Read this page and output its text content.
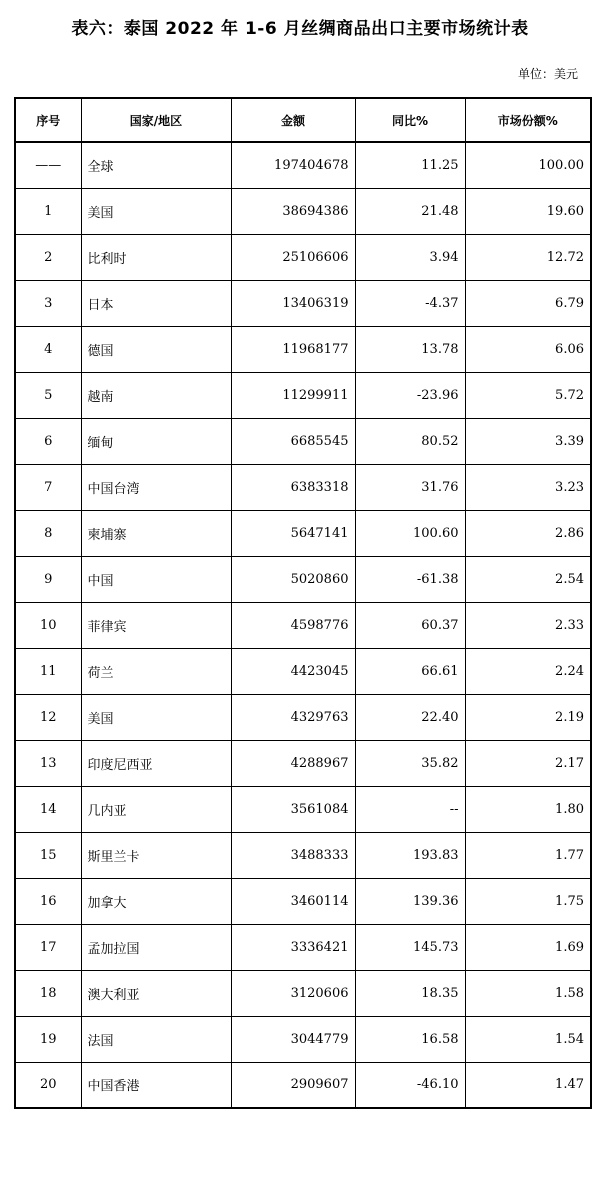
表六：泰国 2022 年 1-6 月丝绸商品出口主要市场统计表
单位：美元
序号	国家/地区	金额	同比%	市场份额%
——	全球	197404678	11.25	100.00
1	美国	38694386	21.48	19.60
2	比利时	25106606	3.94	12.72
3	日本	13406319	-4.37	6.79
4	德国	11968177	13.78	6.06
5	越南	11299911	-23.96	5.72
6	缅甸	6685545	80.52	3.39
7	中国台湾	6383318	31.76	3.23
8	柬埔寨	5647141	100.60	2.86
9	中国	5020860	-61.38	2.54
10	菲律宾	4598776	60.37	2.33
11	荷兰	4423045	66.61	2.24
12	美国	4329763	22.40	2.19
13	印度尼西亚	4288967	35.82	2.17
14	几内亚	3561084	--	1.80
15	斯里兰卡	3488333	193.83	1.77
16	加拿大	3460114	139.36	1.75
17	孟加拉国	3336421	145.73	1.69
18	澳大利亚	3120606	18.35	1.58
19	法国	3044779	16.58	1.54
20	中国香港	2909607	-46.10	1.47
